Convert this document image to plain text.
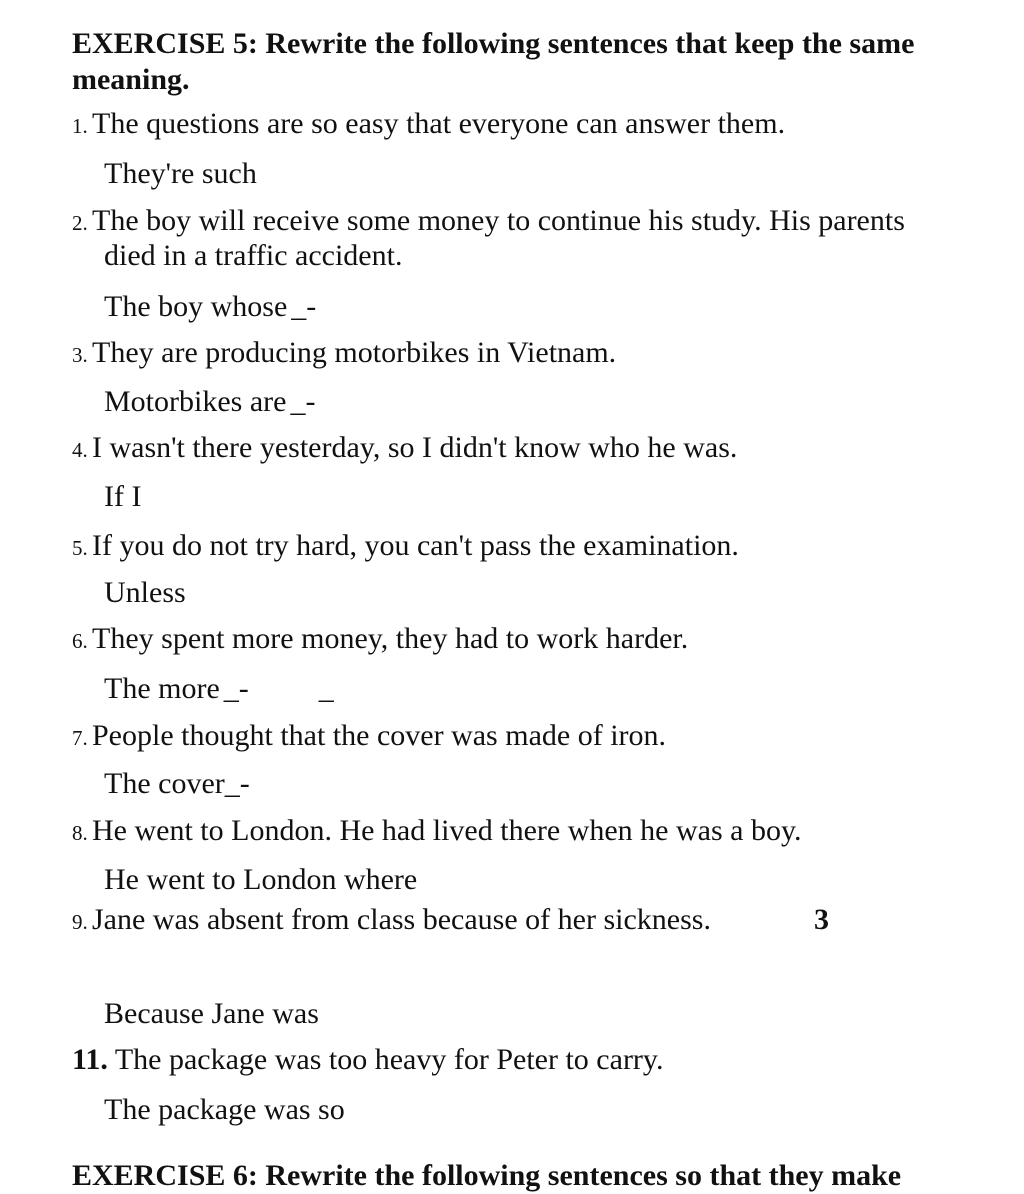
EXERCISE 5: Rewrite the following sentences that keep the same meaning.
1. The questions are so easy that everyone can answer them.
They're such
2. The boy will receive some money to continue his study. His parents
died in a traffic accident.
The boy whose _-
3. They are producing motorbikes in Vietnam.
Motorbikes are _-
4. I wasn't there yesterday, so I didn't know who he was.
If I
5. If you do not try hard, you can't pass the examination.
Unless
6. They spent more money, they had to work harder.
The more _- _
7. People thought that the cover was made of iron.
The cover_-
8. He went to London. He had lived there when he was a boy.
He went to London where
9. Jane was absent from class because of her sickness.	3
Because Jane was
11. The package was too heavy for Peter to carry.
The package was so
EXERCISE 6: Rewrite the following sentences so that they make
